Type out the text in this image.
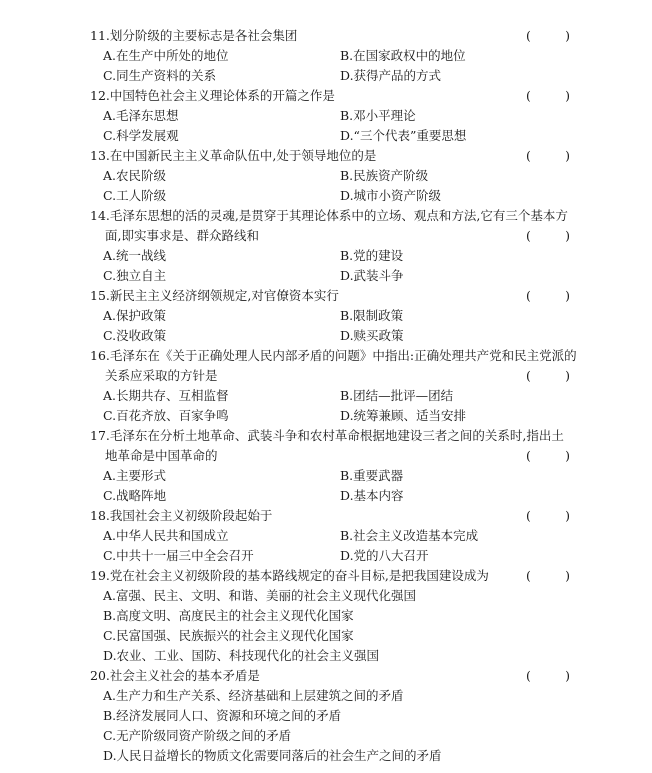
11.划分阶级的主要标志是各社会集团	(	)
A.在生产中所处的地位	B.在国家政权中的地位
C.同生产资料的关系	D.获得产品的方式
12.中国特色社会主义理论体系的开篇之作是	(	)
A.毛泽东思想	B.邓小平理论
C.科学发展观	D.“三个代表”重要思想
13.在中国新民主主义革命队伍中,处于领导地位的是	(	)
A.农民阶级	B.民族资产阶级
C.工人阶级	D.城市小资产阶级
14.毛泽东思想的活的灵魂,是贯穿于其理论体系中的立场、观点和方法,它有三个基本方
面,即实事求是、群众路线和	(	)
A.统一战线	B.党的建设
C.独立自主	D.武装斗争
15.新民主主义经济纲领规定,对官僚资本实行	(	)
A.保护政策	B.限制政策
C.没收政策	D.赎买政策
16.毛泽东在《关于正确处理人民内部矛盾的问题》中指出:正确处理共产党和民主党派的
关系应采取的方针是	(	)
A.长期共存、互相监督	B.团结—批评—团结
C.百花齐放、百家争鸣	D.统筹兼顾、适当安排
17.毛泽东在分析土地革命、武装斗争和农村革命根据地建设三者之间的关系时,指出土
地革命是中国革命的	(	)
A.主要形式	B.重要武器
C.战略阵地	D.基本内容
18.我国社会主义初级阶段起始于	(	)
A.中华人民共和国成立	B.社会主义改造基本完成
C.中共十一届三中全会召开	D.党的八大召开
19.党在社会主义初级阶段的基本路线规定的奋斗目标,是把我国建设成为	(	)
A.富强、民主、文明、和谐、美丽的社会主义现代化强国
B.高度文明、高度民主的社会主义现代化国家
C.民富国强、民族振兴的社会主义现代化国家
D.农业、工业、国防、科技现代化的社会主义强国
20.社会主义社会的基本矛盾是	(	)
A.生产力和生产关系、经济基础和上层建筑之间的矛盾
B.经济发展同人口、资源和环境之间的矛盾
C.无产阶级同资产阶级之间的矛盾
D.人民日益增长的物质文化需要同落后的社会生产之间的矛盾
